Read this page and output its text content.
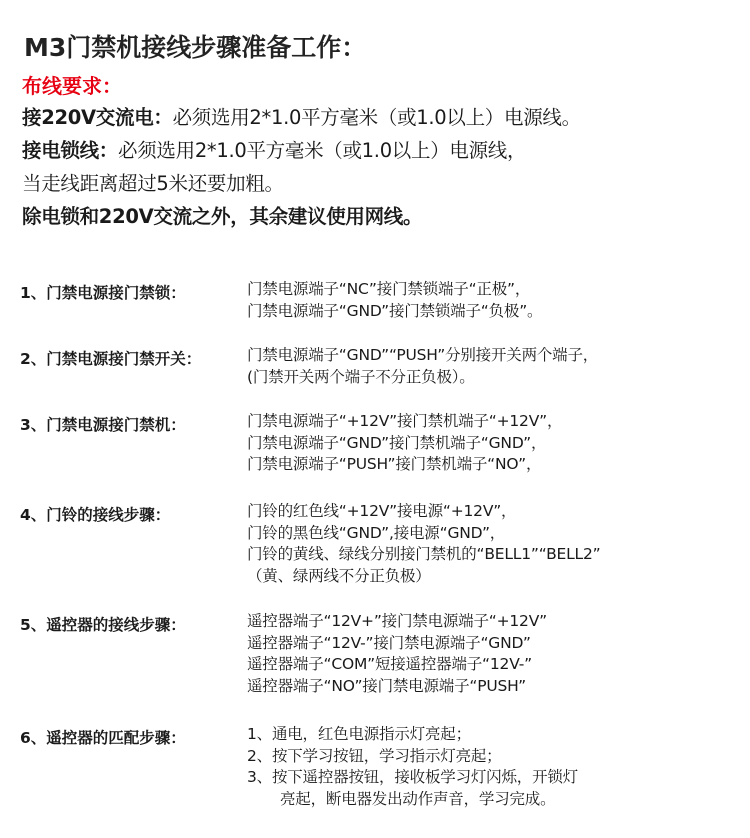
M3门禁机接线步骤准备工作：
布线要求：
接220V交流电：必须选用2*1.0平方毫米（或1.0以上）电源线。
接电锁线：必须选用2*1.0平方毫米（或1.0以上）电源线，
当走线距离超过5米还要加粗。
除电锁和220V交流之外，其余建议使用网线。
1、门禁电源接门禁锁：	门禁电源端子“NC”接门禁锁端子“正极”，
门禁电源端子“GND”接门禁锁端子“负极”。
2、门禁电源接门禁开关：	门禁电源端子“GND”“PUSH”分别接开关两个端子，
(门禁开关两个端子不分正负极）。
3、门禁电源接门禁机：	门禁电源端子“+12V”接门禁机端子“+12V”，
门禁电源端子“GND”接门禁机端子“GND”，
门禁电源端子“PUSH”接门禁机端子“NO”，
4、门铃的接线步骤：	门铃的红色线“+12V”接电源“+12V”，
门铃的黑色线“GND”,接电源“GND”，
门铃的黄线、绿线分别接门禁机的“BELL1”“BELL2”
（黄、绿两线不分正负极）
5、遥控器的接线步骤：	遥控器端子“12V+”接门禁电源端子“+12V”
遥控器端子“12V-”接门禁电源端子“GND”
遥控器端子“COM”短接遥控器端子“12V-”
遥控器端子“NO”接门禁电源端子“PUSH”
6、遥控器的匹配步骤：	1、通电，红色电源指示灯亮起；
2、按下学习按钮，学习指示灯亮起；
3、按下遥控器按钮，接收板学习灯闪烁，开锁灯
亮起，断电器发出动作声音，学习完成。
